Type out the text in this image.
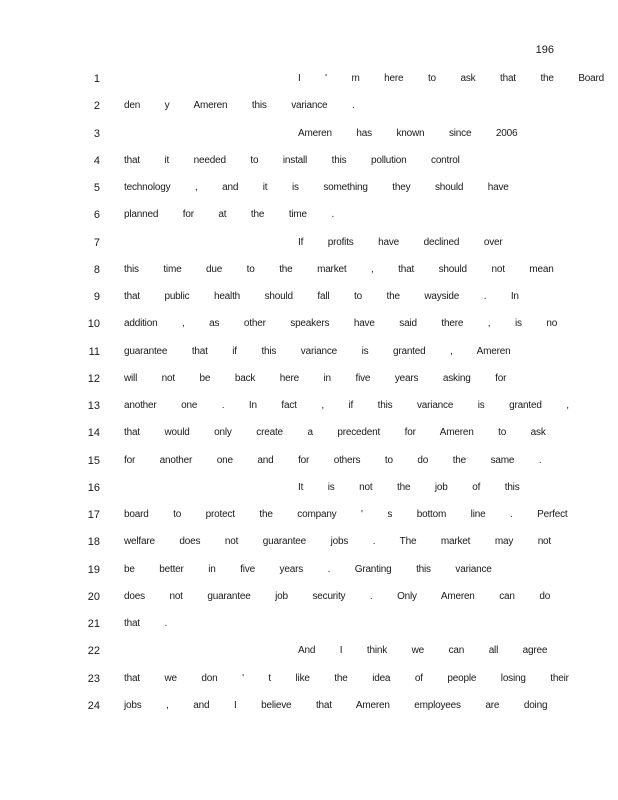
196
1	I ' m here to ask that the Board
2 den y Ameren this variance .
3	Ameren has known since 2006
4 that it needed to install this pollution control
5 technology , and it is something they should have
6 planned for at the time .
7	If profits have declined over
8 this time due to the market , that should not mean
9 that public health should fall to the wayside . In
10 addition , as other speakers have said there , is no
11 guarantee that if this variance is granted , Ameren
12 will not be back here in five years asking for
13 another one . In fact , if this variance is granted ,
14 that would only create a precedent for Ameren to ask
15 for another one and for others to do the same .
16	It is not the job of this
17 board to protect the company ' s bottom line . Perfect
18 welfare does not guarantee jobs . The market may not
19 be better in five years . Granting this variance
20 does not guarantee job security . Only Ameren can do
21 that .
22	And I think we can all agree
23 that we don ' t like the idea of people losing their
24 jobs , and I believe that Ameren employees are doing
